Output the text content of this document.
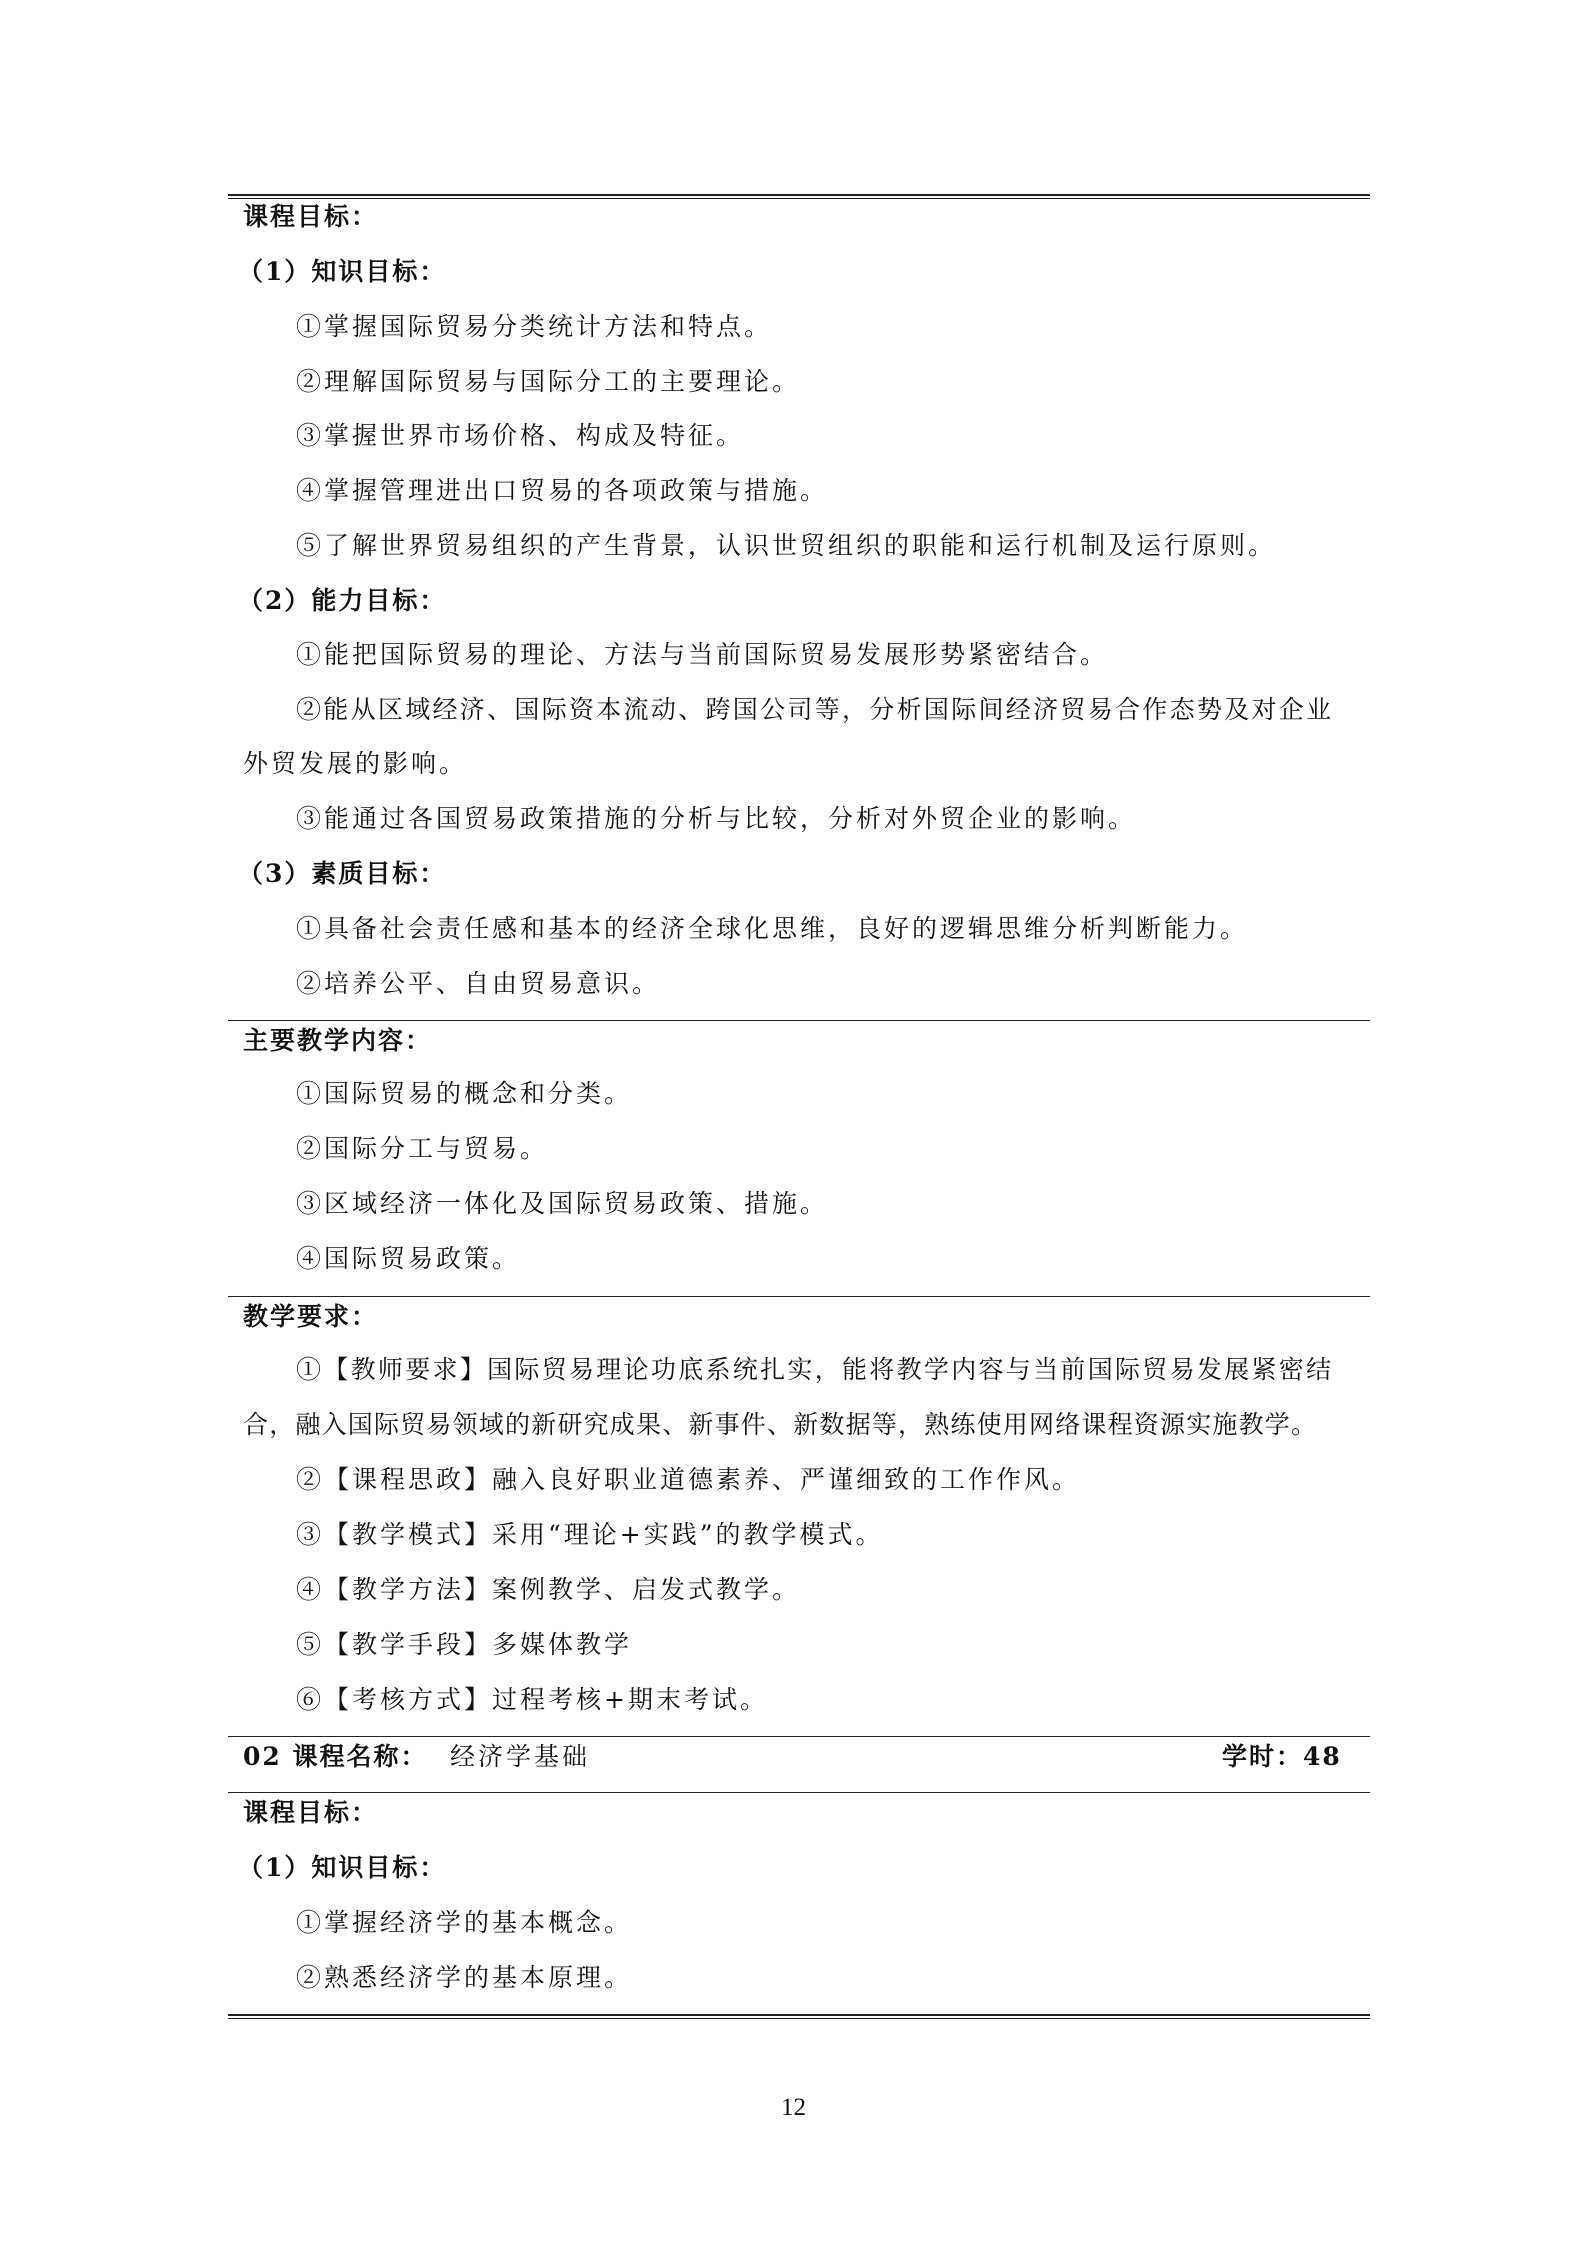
课程目标：
（1）知识目标：
①掌握国际贸易分类统计方法和特点。
②理解国际贸易与国际分工的主要理论。
③掌握世界市场价格、构成及特征。
④掌握管理进出口贸易的各项政策与措施。
⑤了解世界贸易组织的产生背景，认识世贸组织的职能和运行机制及运行原则。
（2）能力目标：
①能把国际贸易的理论、方法与当前国际贸易发展形势紧密结合。
②能从区域经济、国际资本流动、跨国公司等，分析国际间经济贸易合作态势及对企业
外贸发展的影响。
③能通过各国贸易政策措施的分析与比较，分析对外贸企业的影响。
（3）素质目标：
①具备社会责任感和基本的经济全球化思维，良好的逻辑思维分析判断能力。
②培养公平、自由贸易意识。
主要教学内容：
①国际贸易的概念和分类。
②国际分工与贸易。
③区域经济一体化及国际贸易政策、措施。
④国际贸易政策。
教学要求：
①【教师要求】国际贸易理论功底系统扎实，能将教学内容与当前国际贸易发展紧密结
合，融入国际贸易领域的新研究成果、新事件、新数据等，熟练使用网络课程资源实施教学。
②【课程思政】融入良好职业道德素养、严谨细致的工作作风。
③【教学模式】采用“理论+实践”的教学模式。
④【教学方法】案例教学、启发式教学。
⑤【教学手段】多媒体教学
⑥【考核方式】过程考核+期末考试。
02 课程名称： 经济学基础	学时：48
课程目标：
（1）知识目标：
①掌握经济学的基本概念。
②熟悉经济学的基本原理。
12
